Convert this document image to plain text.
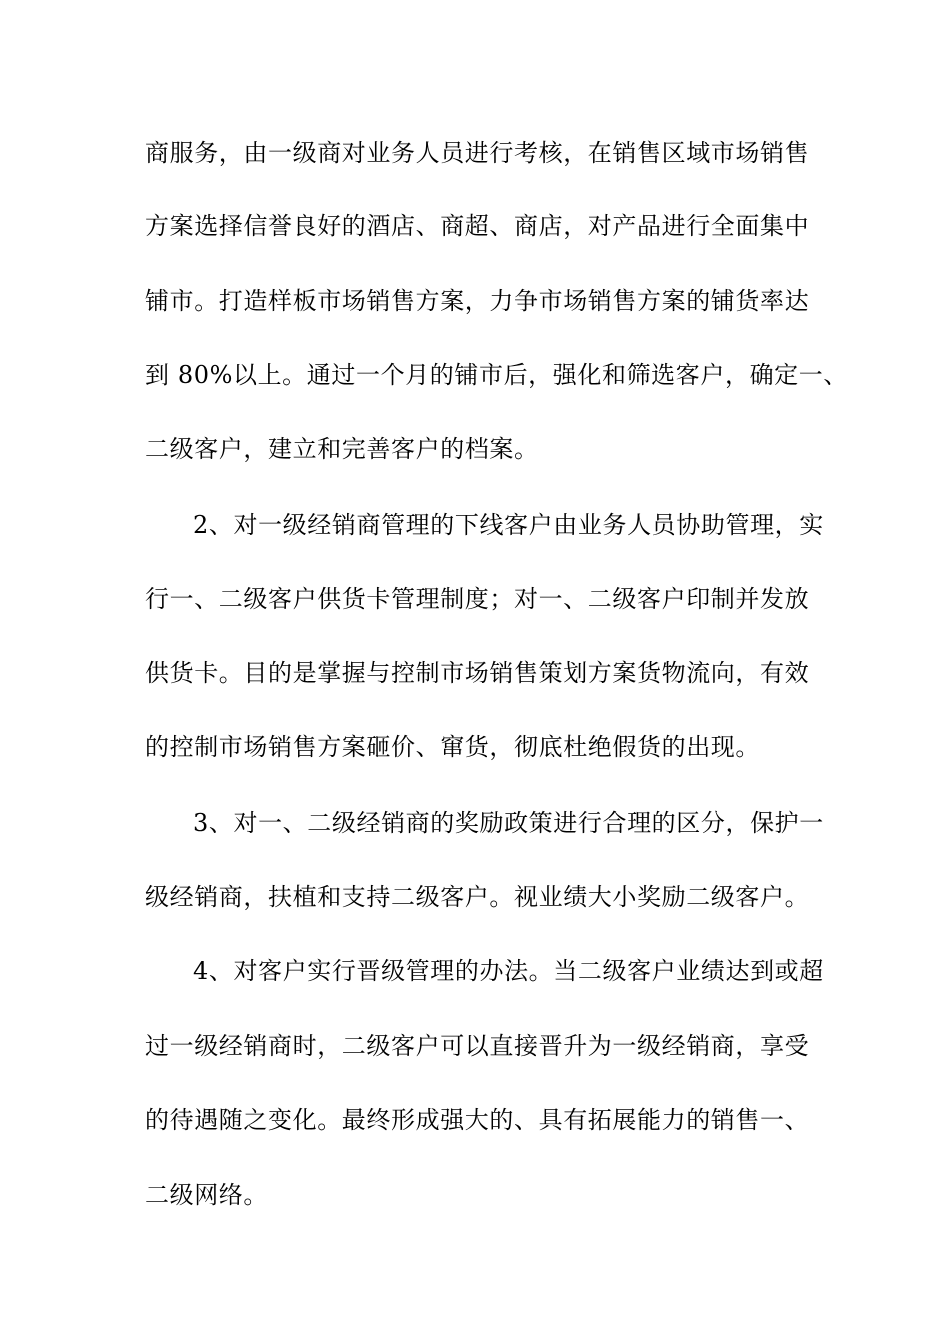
商服务，由一级商对业务人员进行考核，在销售区域市场销售
方案选择信誉良好的酒店、商超、商店，对产品进行全面集中
铺市。打造样板市场销售方案，力争市场销售方案的铺货率达
到 80%以上。通过一个月的铺市后，强化和筛选客户，确定一、
二级客户，建立和完善客户的档案。
2、对一级经销商管理的下线客户由业务人员协助管理，实
行一、二级客户供货卡管理制度；对一、二级客户印制并发放
供货卡。目的是掌握与控制市场销售策划方案货物流向，有效
的控制市场销售方案砸价、窜货，彻底杜绝假货的出现。
3、对一、二级经销商的奖励政策进行合理的区分，保护一
级经销商，扶植和支持二级客户。视业绩大小奖励二级客户。
4、对客户实行晋级管理的办法。当二级客户业绩达到或超
过一级经销商时，二级客户可以直接晋升为一级经销商，享受
的待遇随之变化。最终形成强大的、具有拓展能力的销售一、
二级网络。
